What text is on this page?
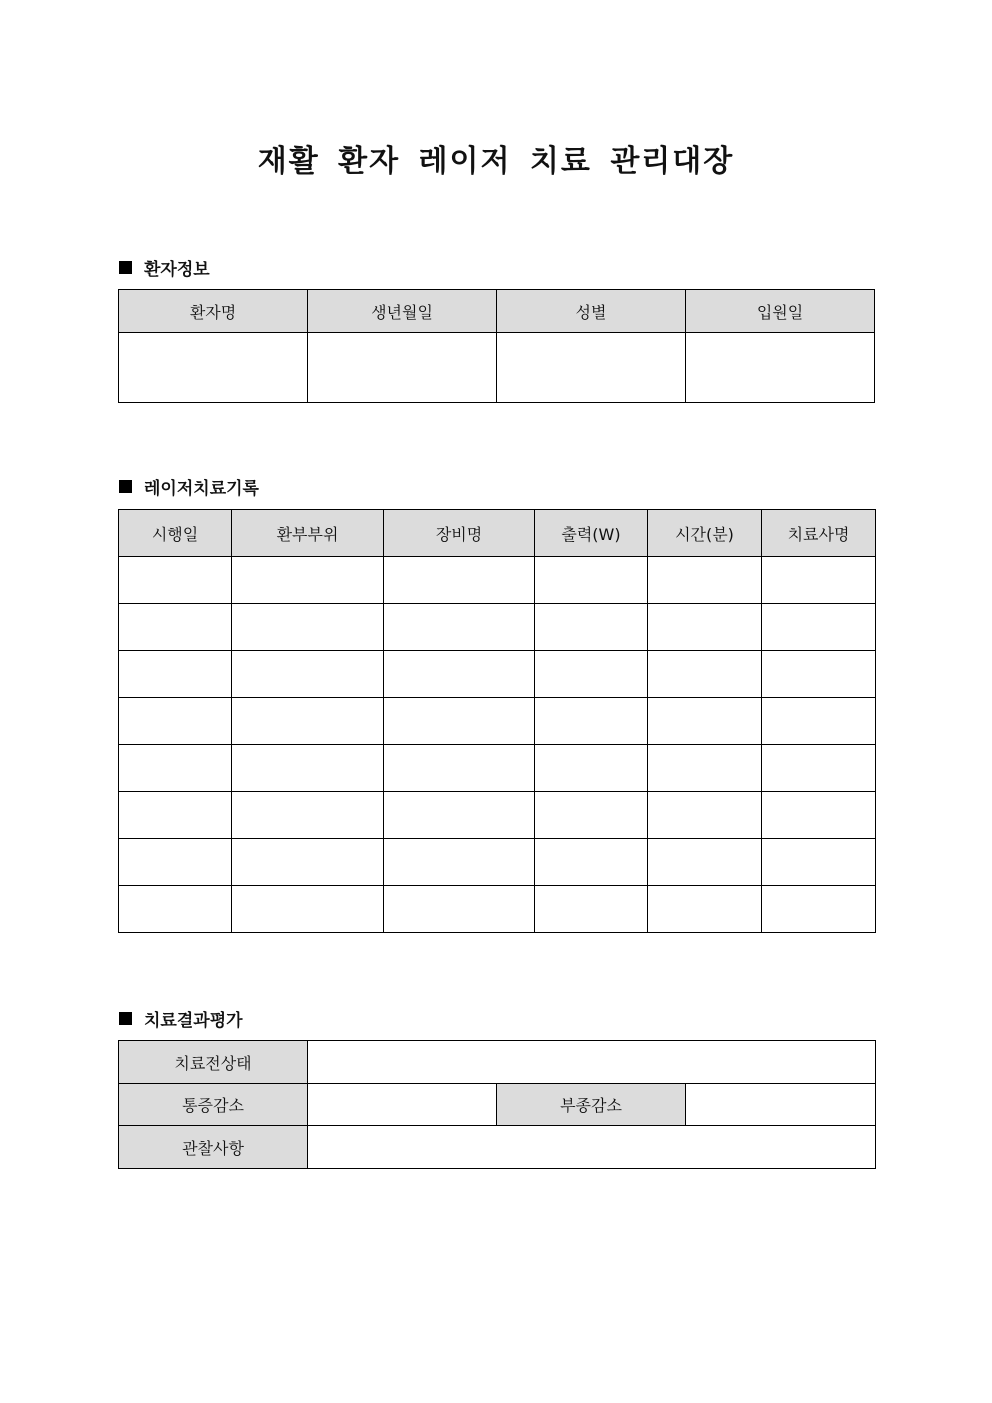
재활 환자 레이저 치료 관리대장
환자정보
환자명	생년월일	성별	입원일

레이저치료기록
시행일	환부부위	장비명	출력(W)	시간(분)	치료사명

치료결과평가
치료전상태			
통증감소		부종감소	
관찰사항			
